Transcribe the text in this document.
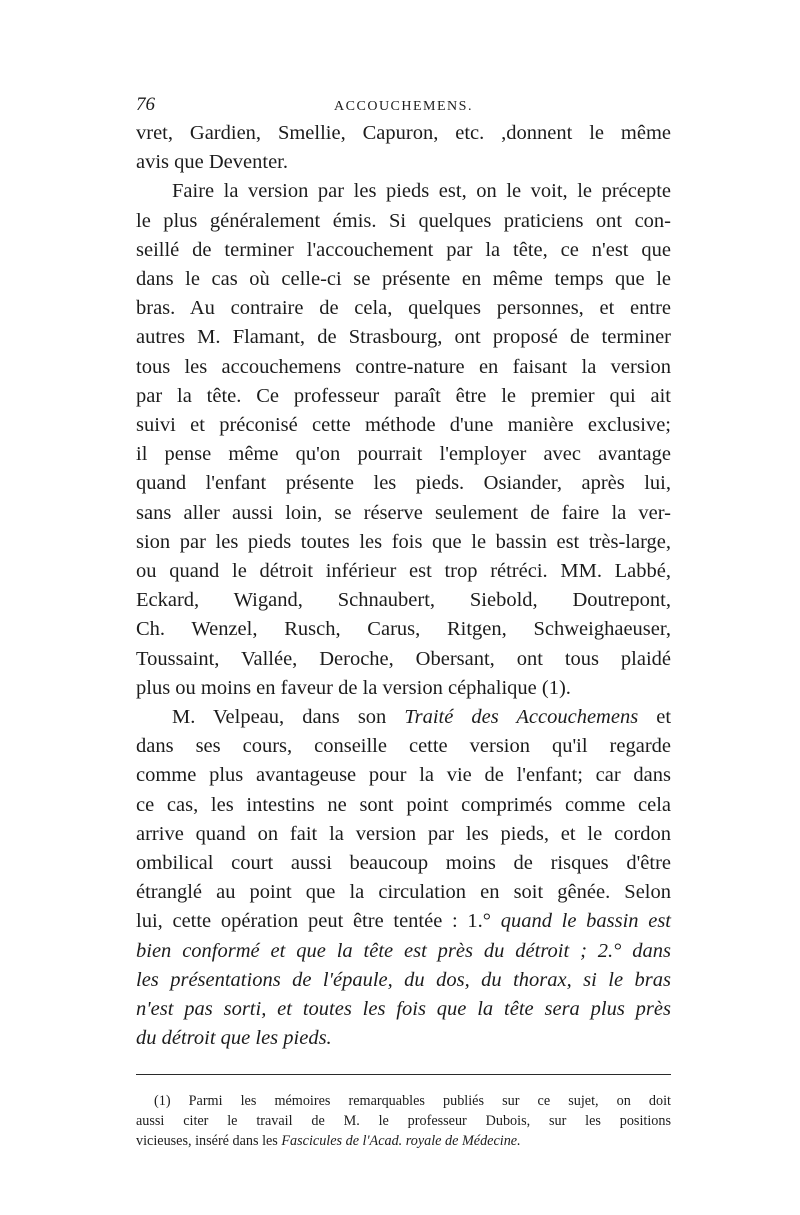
76	ACCOUCHEMENS.
vret, Gardien, Smellie, Capuron, etc. ,donnent le même
avis que Deventer.
Faire la version par les pieds est, on le voit, le précepte
le plus généralement émis. Si quelques praticiens ont con-
seillé de terminer l'accouchement par la tête, ce n'est que
dans le cas où celle-ci se présente en même temps que le
bras. Au contraire de cela, quelques personnes, et entre
autres M. Flamant, de Strasbourg, ont proposé de terminer
tous les accouchemens contre-nature en faisant la version
par la tête. Ce professeur paraît être le premier qui ait
suivi et préconisé cette méthode d'une manière exclusive;
il pense même qu'on pourrait l'employer avec avantage
quand l'enfant présente les pieds. Osiander, après lui,
sans aller aussi loin, se réserve seulement de faire la ver-
sion par les pieds toutes les fois que le bassin est très-large,
ou quand le détroit inférieur est trop rétréci. MM. Labbé,
Eckard, Wigand, Schnaubert, Siebold, Doutrepont,
Ch. Wenzel, Rusch, Carus, Ritgen, Schweighaeuser,
Toussaint, Vallée, Deroche, Obersant, ont tous plaidé
plus ou moins en faveur de la version céphalique (1).
M. Velpeau, dans son Traité des Accouchemens et
dans ses cours, conseille cette version qu'il regarde
comme plus avantageuse pour la vie de l'enfant; car dans
ce cas, les intestins ne sont point comprimés comme cela
arrive quand on fait la version par les pieds, et le cordon
ombilical court aussi beaucoup moins de risques d'être
étranglé au point que la circulation en soit gênée. Selon
lui, cette opération peut être tentée : 1.° quand le bassin est
bien conformé et que la tête est près du détroit ; 2.° dans
les présentations de l'épaule, du dos, du thorax, si le bras
n'est pas sorti, et toutes les fois que la tête sera plus près
du détroit que les pieds.
(1) Parmi les mémoires remarquables publiés sur ce sujet, on doit
aussi citer le travail de M. le professeur Dubois, sur les positions
vicieuses, inséré dans les Fascicules de l'Acad. royale de Médecine.
